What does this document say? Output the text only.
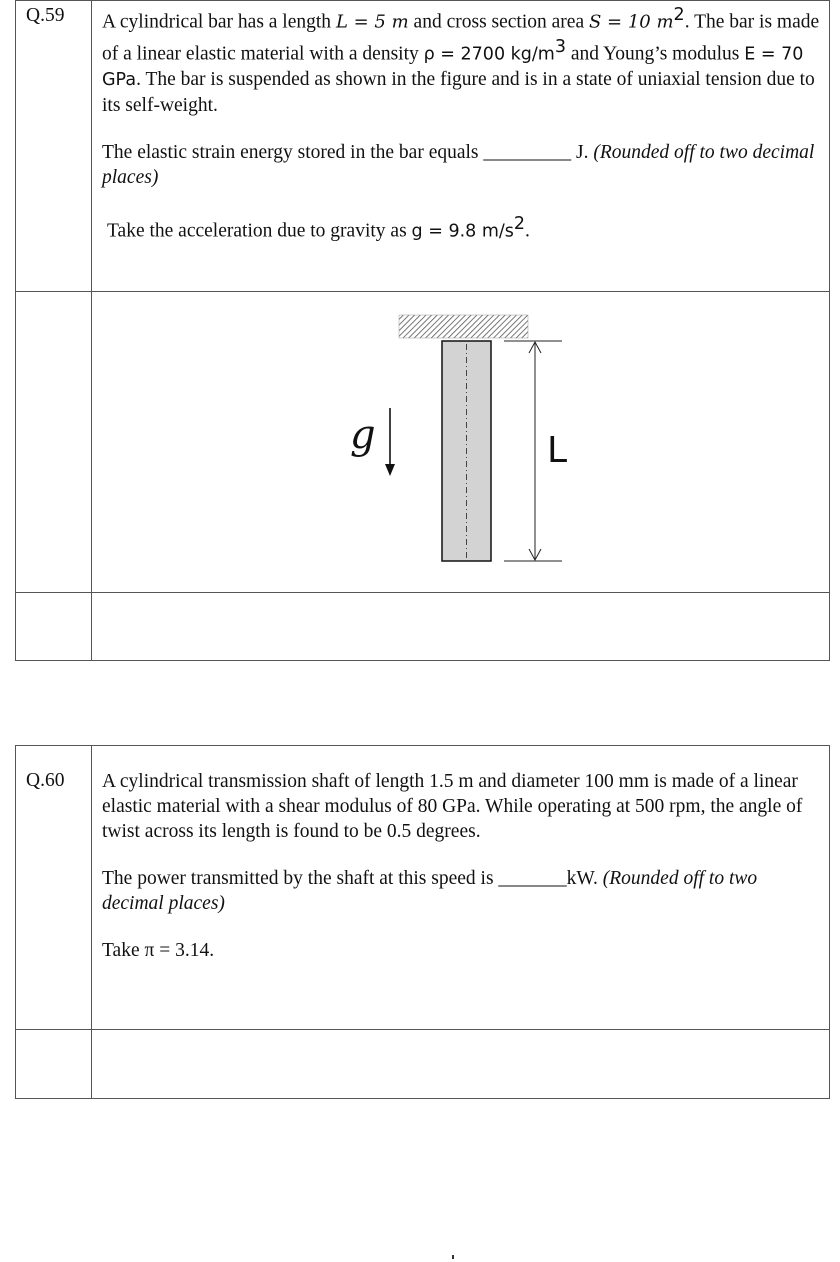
Q.59	A cylindrical bar has a length L = 5 m and cross section area S = 10 $m^2$. The bar is made of a linear elastic material with a density ρ = 2700 $kg/m^3$ and Young’s modulus E = 70 GPa. The bar is suspended as shown in the figure and is in a state of uniaxial tension due to its self-weight.

The elastic strain energy stored in the bar equals _________ J. (Rounded off to two decimal places)

Take the acceleration due to gravity as g = 9.8 $m/s^2$.

	g L

Q.60	A cylindrical transmission shaft of length 1.5 m and diameter 100 mm is made of a linear elastic material with a shear modulus of 80 GPa. While operating at 500 rpm, the angle of twist across its length is found to be 0.5 degrees.

The power transmitted by the shaft at this speed is _______kW. (Rounded off to two decimal places)

Take π = 3.14.
